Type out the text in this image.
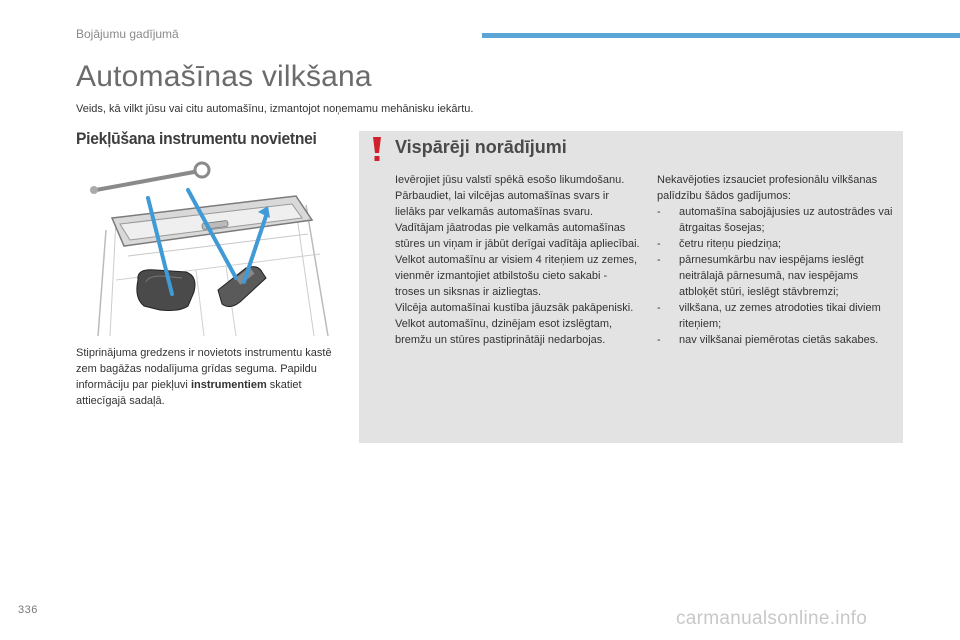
Bojājumu gadījumā
Automašīnas vilkšana
Veids, kā vilkt jūsu vai citu automašīnu, izmantojot noņemamu mehānisku iekārtu.
Piekļūšana instrumentu novietnei
Stiprinājuma gredzens ir novietots instrumentu kastē zem bagāžas nodalījuma grīdas seguma. Papildu informāciju par piekļuvi instrumentiem skatiet attiecīgajā sadaļā.
Vispārēji norādījumi

Ievērojiet jūsu valstī spēkā esošo likumdošanu.

Pārbaudiet, lai vilcējas automašīnas svars ir lielāks par velkamās automašīnas svaru.

Vadītājam jāatrodas pie velkamās automašīnas stūres un viņam ir jābūt derīgai vadītāja apliecībai.

Velkot automašīnu ar visiem 4 riteņiem uz zemes, vienmēr izmantojiet atbilstošu cieto sakabi - troses un siksnas ir aizliegtas.

Vilcēja automašīnai kustība jāuzsāk pakāpeniski.

Velkot automašīnu, dzinējam esot izslēgtam, bremžu un stūres pastiprinātāji nedarbojas.

Nekavējoties izsauciet profesionālu vilkšanas palīdzību šādos gadījumos:

- automašīna sabojājusies uz autostrādes vai ātrgaitas šosejas;
- četru riteņu piedziņa;
- pārnesumkārbu nav iespējams ieslēgt neitrālajā pārnesumā, nav iespējams atbloķēt stūri, ieslēgt stāvbremzi;
- vilkšana, uz zemes atrodoties tikai diviem riteņiem;
- nav vilkšanai piemērotas cietās sakabes.
336	carmanualsonline.info
